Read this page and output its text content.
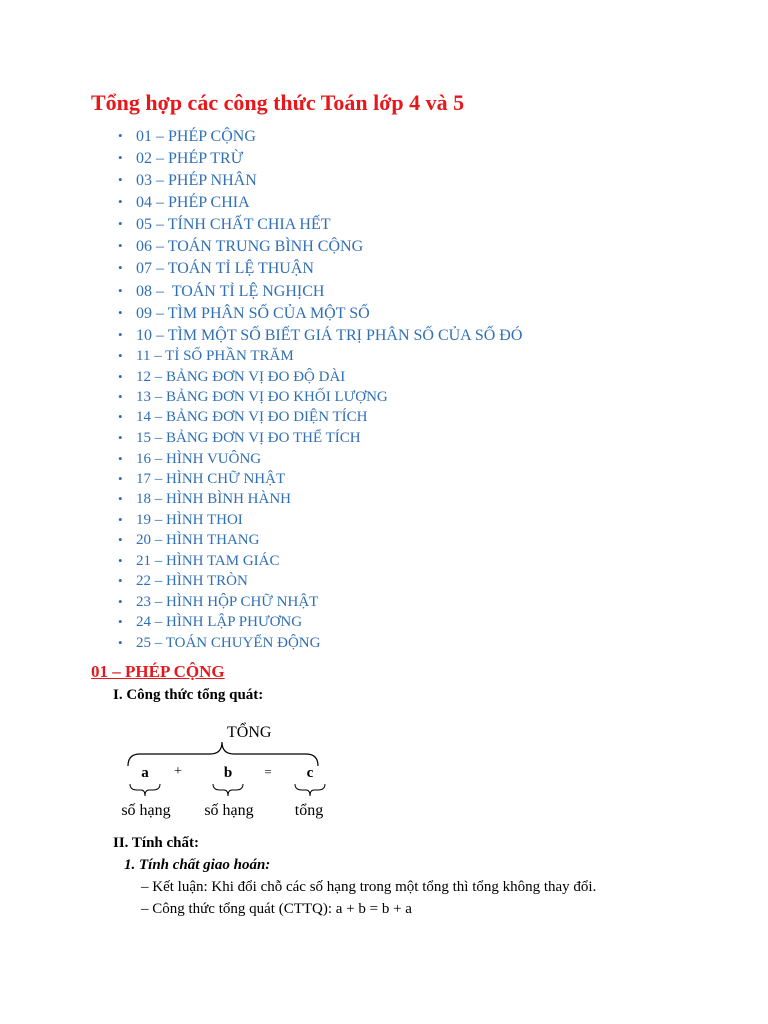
Tổng hợp các công thức Toán lớp 4 và 5
• 01 – PHÉP CỘNG
• 02 – PHÉP TRỪ
• 03 – PHÉP NHÂN
• 04 – PHÉP CHIA
• 05 – TÍNH CHẤT CHIA HẾT
• 06 – TOÁN TRUNG BÌNH CỘNG
• 07 – TOÁN TỈ LỆ THUẬN
• 08 –  TOÁN TỈ LỆ NGHỊCH
• 09 – TÌM PHÂN SỐ CỦA MỘT SỐ
• 10 – TÌM MỘT SỐ BIẾT GIÁ TRỊ PHÂN SỐ CỦA SỐ ĐÓ
• 11 – TỈ SỐ PHẦN TRĂM
• 12 – BẢNG ĐƠN VỊ ĐO ĐỘ DÀI
• 13 – BẢNG ĐƠN VỊ ĐO KHỐI LƯỢNG
• 14 – BẢNG ĐƠN VỊ ĐO DIỆN TÍCH
• 15 – BẢNG ĐƠN VỊ ĐO THỂ TÍCH
• 16 – HÌNH VUÔNG
• 17 – HÌNH CHỮ NHẬT
• 18 – HÌNH BÌNH HÀNH
• 19 – HÌNH THOI
• 20 – HÌNH THANG
• 21 – HÌNH TAM GIÁC
• 22 – HÌNH TRÒN
• 23 – HÌNH HỘP CHỮ NHẬT
• 24 – HÌNH LẬP PHƯƠNG
• 25 – TOÁN CHUYỂN ĐỘNG
01 – PHÉP CỘNG
I. Công thức tổng quát:
TỔNG
a +	b = c
số hạng số hạng	tổng
II. Tính chất:
1. Tính chất giao hoán:
– Kết luận: Khi đổi chỗ các số hạng trong một tổng thì tổng không thay đổi.
– Công thức tổng quát (CTTQ): a + b = b + a
